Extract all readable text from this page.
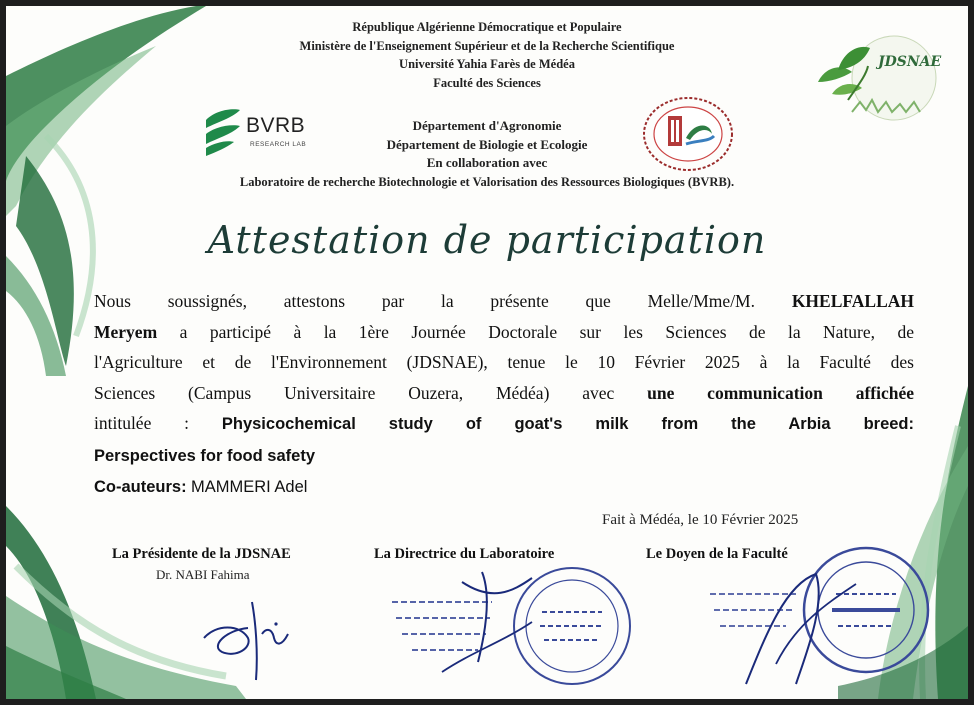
République Algérienne Démocratique et Populaire
Ministère de l'Enseignement Supérieur et de la Recherche Scientifique
Université Yahia Farès de Médéa
Faculté des Sciences
Département d'Agronomie
Département de Biologie et Ecologie
En collaboration avec
Laboratoire de recherche Biotechnologie et Valorisation des Ressources Biologiques (BVRB).
BVRB
RESEARCH LAB
JDSNAE
Attestation de participation

Nous soussignés, attestons par la présente que Melle/Mme/M. KHELFALLAH

Meryem a participé à la 1ère Journée Doctorale sur les Sciences de la Nature, de

l'Agriculture et de l'Environnement (JDSNAE), tenue le 10 Février 2025 à la Faculté des

Sciences (Campus Universitaire Ouzera, Médéa) avec une communication affichée

intitulée : Physicochemical study of goat's milk from the Arbia breed:

Perspectives for food safety

Co-auteurs: MAMMERI Adel

Fait à Médéa, le 10 Février 2025
La Présidente de la JDSNAE
Dr. NABI Fahima
La Directrice du Laboratoire	Le Doyen de la Faculté
